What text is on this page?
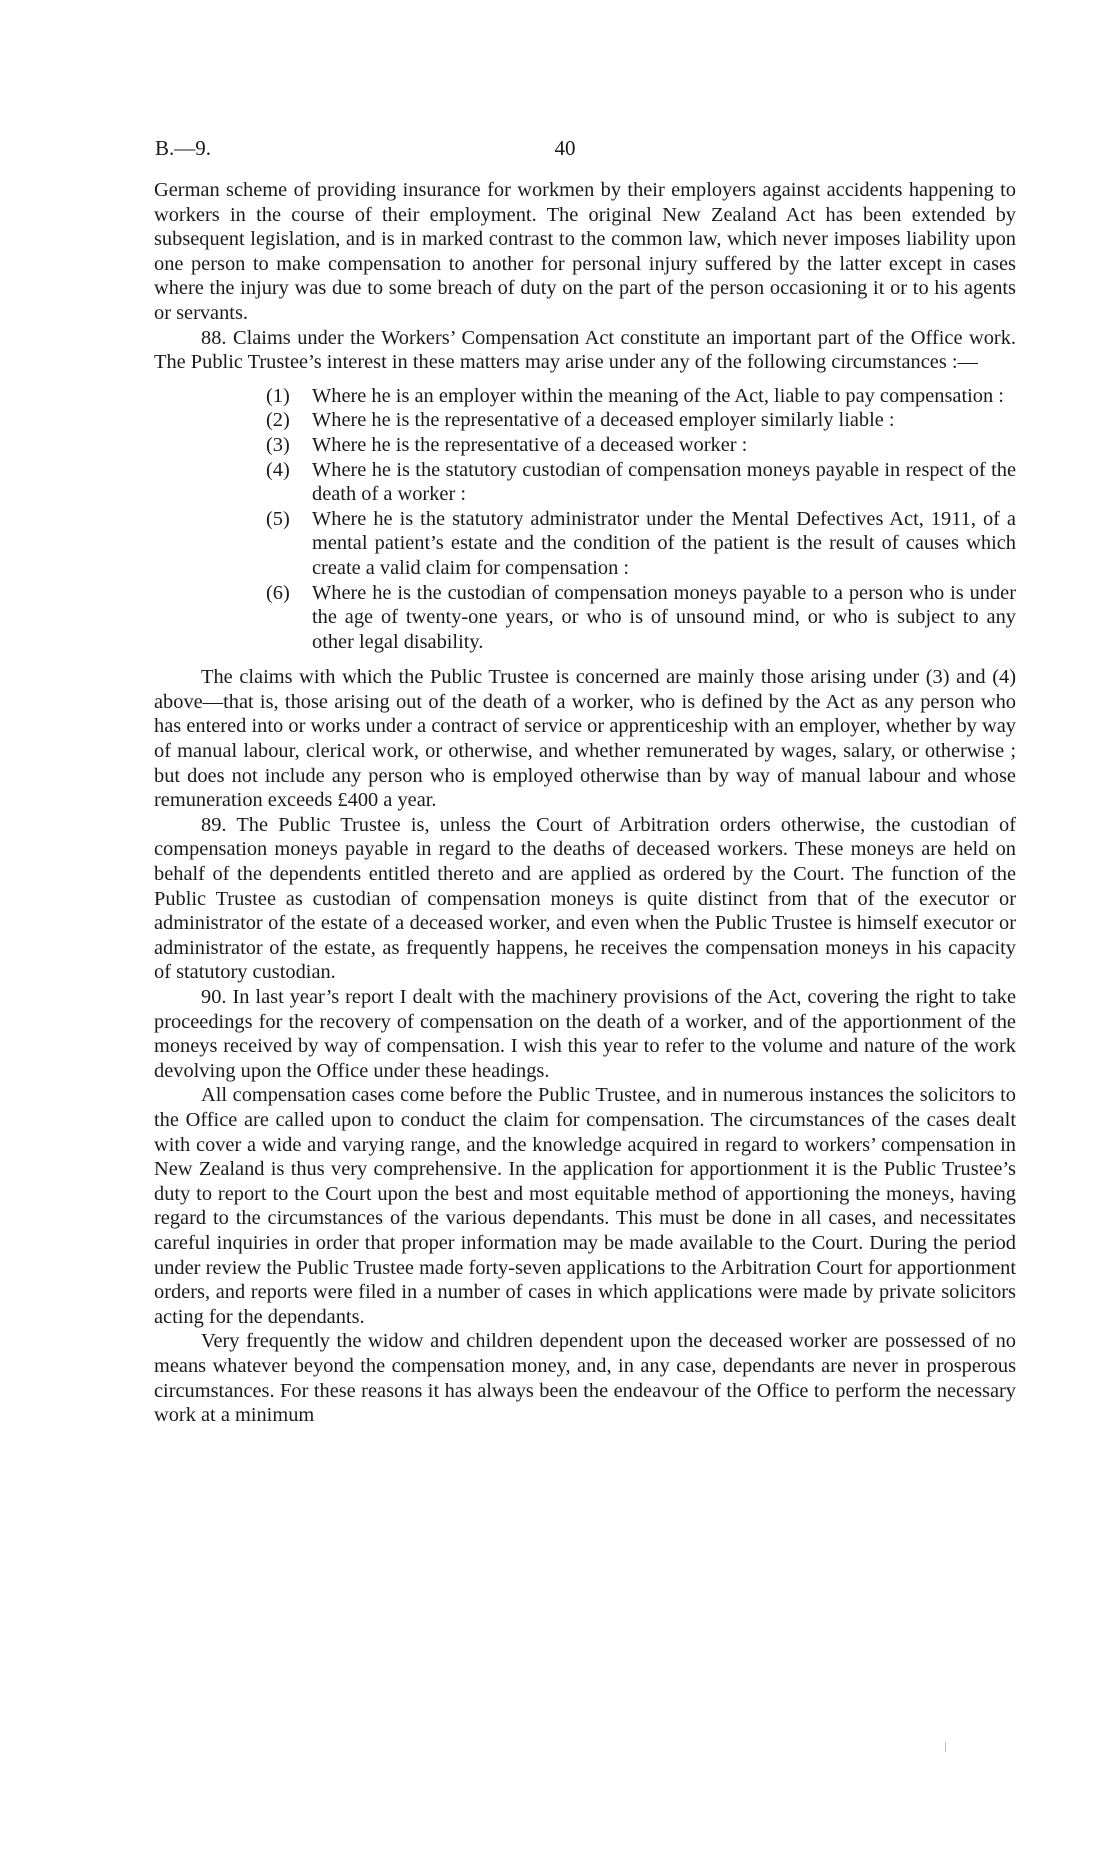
B.—9.	40

German scheme of providing insurance for workmen by their employers against accidents happening to workers in the course of their employment. The original New Zealand Act has been extended by subsequent legislation, and is in marked contrast to the common law, which never imposes liability upon one person to make compensation to another for personal injury suffered by the latter except in cases where the injury was due to some breach of duty on the part of the person occasioning it or to his agents or servants.

88. Claims under the Workers’ Compensation Act constitute an important part of the Office work. The Public Trustee’s interest in these matters may arise under any of the following circumstances :—

(1) Where he is an employer within the meaning of the Act, liable to pay compensation :
(2) Where he is the representative of a deceased employer similarly liable :
(3) Where he is the representative of a deceased worker :
(4) Where he is the statutory custodian of compensation moneys payable in respect of the death of a worker :
(5) Where he is the statutory administrator under the Mental Defectives Act, 1911, of a mental patient’s estate and the condition of the patient is the result of causes which create a valid claim for compensation :
(6) Where he is the custodian of compensation moneys payable to a person who is under the age of twenty-one years, or who is of unsound mind, or who is subject to any other legal disability.

The claims with which the Public Trustee is concerned are mainly those arising under (3) and (4) above—that is, those arising out of the death of a worker, who is defined by the Act as any person who has entered into or works under a contract of service or apprenticeship with an employer, whether by way of manual labour, clerical work, or otherwise, and whether remunerated by wages, salary, or otherwise ; but does not include any person who is employed otherwise than by way of manual labour and whose remuneration exceeds £400 a year.

89. The Public Trustee is, unless the Court of Arbitration orders otherwise, the custodian of compensation moneys payable in regard to the deaths of deceased workers. These moneys are held on behalf of the dependents entitled thereto and are applied as ordered by the Court. The function of the Public Trustee as custodian of compensation moneys is quite distinct from that of the executor or administrator of the estate of a deceased worker, and even when the Public Trustee is himself executor or administrator of the estate, as frequently happens, he receives the compensation moneys in his capacity of statutory custodian.

90. In last year’s report I dealt with the machinery provisions of the Act, covering the right to take proceedings for the recovery of compensation on the death of a worker, and of the apportionment of the moneys received by way of compensation. I wish this year to refer to the volume and nature of the work devolving upon the Office under these headings.

All compensation cases come before the Public Trustee, and in numerous instances the solicitors to the Office are called upon to conduct the claim for compensation. The circumstances of the cases dealt with cover a wide and varying range, and the knowledge acquired in regard to workers’ compensation in New Zealand is thus very comprehensive. In the application for apportionment it is the Public Trustee’s duty to report to the Court upon the best and most equitable method of apportioning the moneys, having regard to the circumstances of the various dependants. This must be done in all cases, and necessitates careful inquiries in order that proper information may be made available to the Court. During the period under review the Public Trustee made forty-seven applications to the Arbitration Court for apportionment orders, and reports were filed in a number of cases in which applications were made by private solicitors acting for the dependants.

Very frequently the widow and children dependent upon the deceased worker are possessed of no means whatever beyond the compensation money, and, in any case, dependants are never in prosperous circumstances. For these reasons it has always been the endeavour of the Office to perform the necessary work at a minimum
